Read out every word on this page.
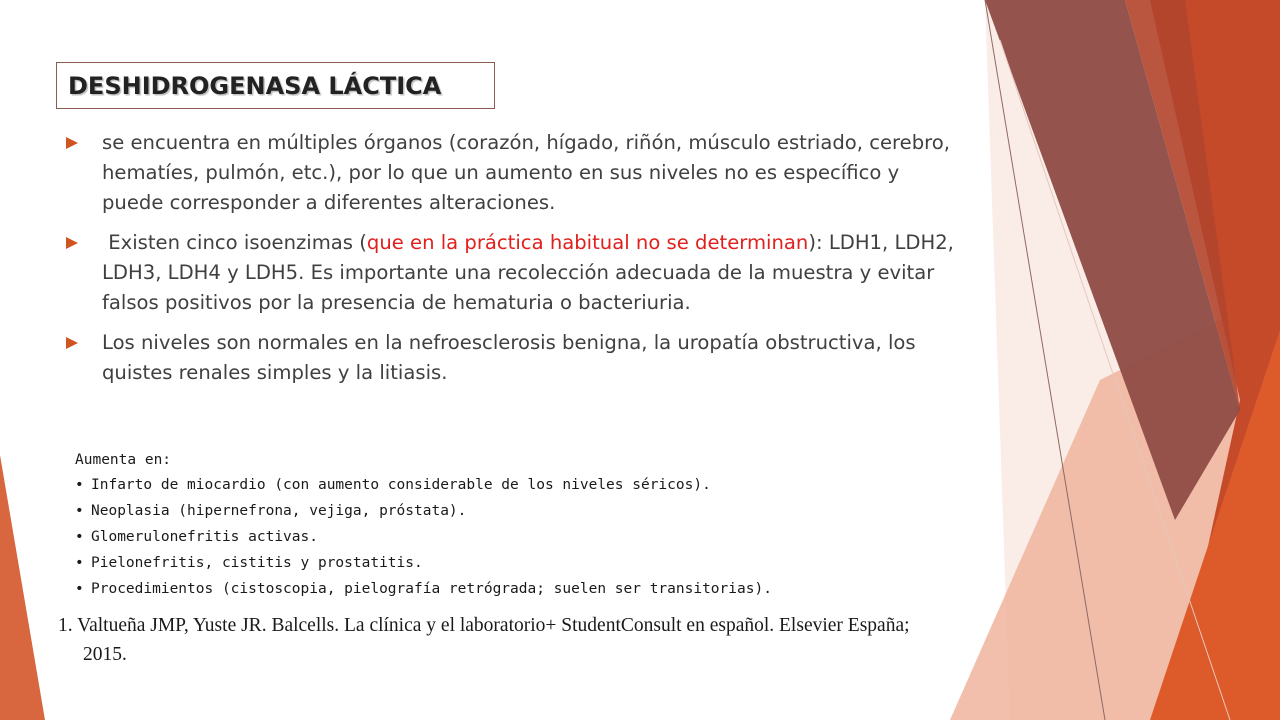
DESHIDROGENASA LÁCTICA
se encuentra en múltiples órganos (corazón, hígado, riñón, músculo estriado, cerebro, hematíes, pulmón, etc.), por lo que un aumento en sus niveles no es específico y puede corresponder a diferentes alteraciones.
Existen cinco isoenzimas (que en la práctica habitual no se determinan): LDH1, LDH2, LDH3, LDH4 y LDH5. Es importante una recolección adecuada de la muestra y evitar falsos positivos por la presencia de hematuria o bacteriuria.
Los niveles son normales en la nefroesclerosis benigna, la uropatía obstructiva, los quistes renales simples y la litiasis.
Aumenta en:
• Infarto de miocardio (con aumento considerable de los niveles séricos).
• Neoplasia (hipernefrona, vejiga, próstata).
• Glomerulonefritis activas.
• Pielonefritis, cistitis y prostatitis.
• Procedimientos (cistoscopia, pielografía retrógrada; suelen ser transitorias).
1. Valtueña JMP, Yuste JR. Balcells. La clínica y el laboratorio+ StudentConsult en español. Elsevier España;
2015.
